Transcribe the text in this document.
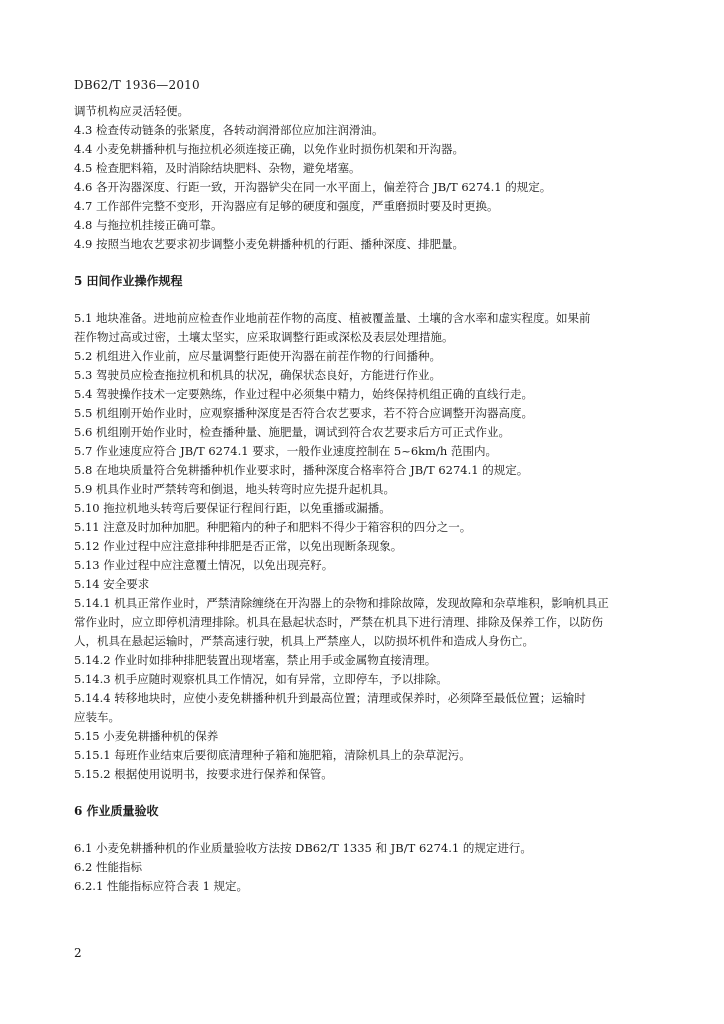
DB62/T 1936—2010
调节机构应灵活轻便。
4.3 检查传动链条的张紧度，各转动润滑部位应加注润滑油。
4.4 小麦免耕播种机与拖拉机必须连接正确，以免作业时损伤机架和开沟器。
4.5 检查肥料箱，及时消除结块肥料、杂物，避免堵塞。
4.6 各开沟器深度、行距一致，开沟器铲尖在同一水平面上，偏差符合 JB/T 6274.1 的规定。
4.7 工作部件完整不变形，开沟器应有足够的硬度和强度，严重磨损时要及时更换。
4.8 与拖拉机挂接正确可靠。
4.9 按照当地农艺要求初步调整小麦免耕播种机的行距、播种深度、排肥量。
5 田间作业操作规程
5.1 地块准备。进地前应检查作业地前茬作物的高度、植被覆盖量、土壤的含水率和虚实程度。如果前
茬作物过高或过密，土壤太坚实，应采取调整行距或深松及表层处理措施。
5.2 机组进入作业前，应尽量调整行距使开沟器在前茬作物的行间播种。
5.3 驾驶员应检查拖拉机和机具的状况，确保状态良好，方能进行作业。
5.4 驾驶操作技术一定要熟练，作业过程中必须集中精力，始终保持机组正确的直线行走。
5.5 机组刚开始作业时，应观察播种深度是否符合农艺要求，若不符合应调整开沟器高度。
5.6 机组刚开始作业时，检查播种量、施肥量，调试到符合农艺要求后方可正式作业。
5.7 作业速度应符合 JB/T 6274.1 要求，一般作业速度控制在 5~6km/h 范围内。
5.8 在地块质量符合免耕播种机作业要求时，播种深度合格率符合 JB/T 6274.1 的规定。
5.9 机具作业时严禁转弯和倒退，地头转弯时应先提升起机具。
5.10 拖拉机地头转弯后要保证行程间行距，以免重播或漏播。
5.11 注意及时加种加肥。种肥箱内的种子和肥料不得少于箱容积的四分之一。
5.12 作业过程中应注意排种排肥是否正常，以免出现断条现象。
5.13 作业过程中应注意覆土情况，以免出现亮籽。
5.14 安全要求
5.14.1 机具正常作业时，严禁清除缠绕在开沟器上的杂物和排除故障，发现故障和杂草堆积，影响机具正
常作业时，应立即停机清理排除。机具在悬起状态时，严禁在机具下进行清理、排除及保养工作，以防伤
人，机具在悬起运输时，严禁高速行驶，机具上严禁座人，以防损坏机件和造成人身伤亡。
5.14.2 作业时如排种排肥装置出现堵塞，禁止用手或金属物直接清理。
5.14.3 机手应随时观察机具工作情况，如有异常，立即停车，予以排除。
5.14.4 转移地块时，应使小麦免耕播种机升到最高位置；清理或保养时，必须降至最低位置；运输时
应装车。
5.15 小麦免耕播种机的保养
5.15.1 每班作业结束后要彻底清理种子箱和施肥箱，清除机具上的杂草泥污。
5.15.2 根据使用说明书，按要求进行保养和保管。
6 作业质量验收
6.1 小麦免耕播种机的作业质量验收方法按 DB62/T 1335 和 JB/T 6274.1 的规定进行。
6.2 性能指标
6.2.1 性能指标应符合表 1 规定。
2
